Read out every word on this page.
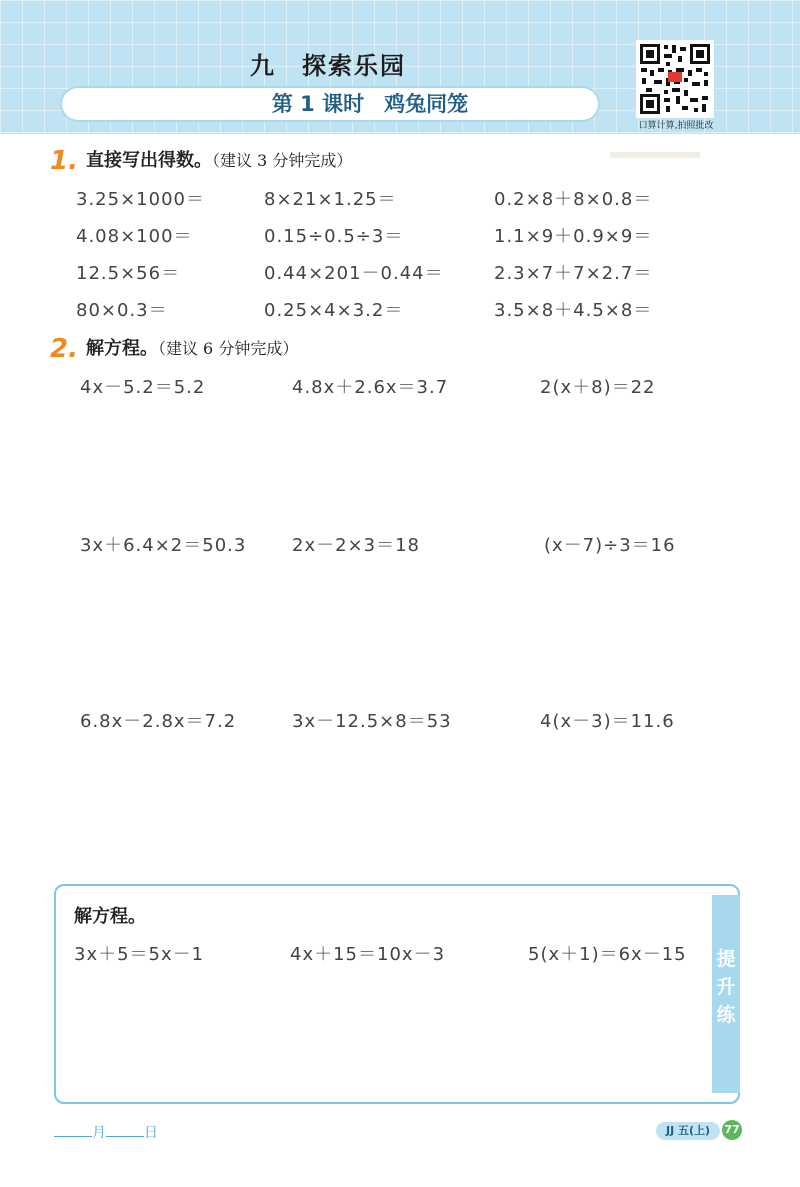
九 探索乐园
第 1 课时 鸡兔同笼
口算计算,拍照批改
1. 直接写出得数。（建议 3 分钟完成）
3.25×1000＝	8×21×1.25＝	0.2×8＋8×0.8＝
4.08×100＝	0.15÷0.5÷3＝	1.1×9＋0.9×9＝
12.5×56＝	0.44×201－0.44＝	2.3×7＋7×2.7＝
80×0.3＝	0.25×4×3.2＝	3.5×8＋4.5×8＝
2. 解方程。（建议 6 分钟完成）
4x－5.2＝5.2	4.8x＋2.6x＝3.7	2(x＋8)＝22
3x＋6.4×2＝50.3	2x－2×3＝18	(x－7)÷3＝16
6.8x－2.8x＝7.2	3x－12.5×8＝53	4(x－3)＝11.6
提升练
解方程。
3x＋5＝5x－1	4x＋15＝10x－3	5(x＋1)＝6x－15
月	日	JJ 五(上)	77
